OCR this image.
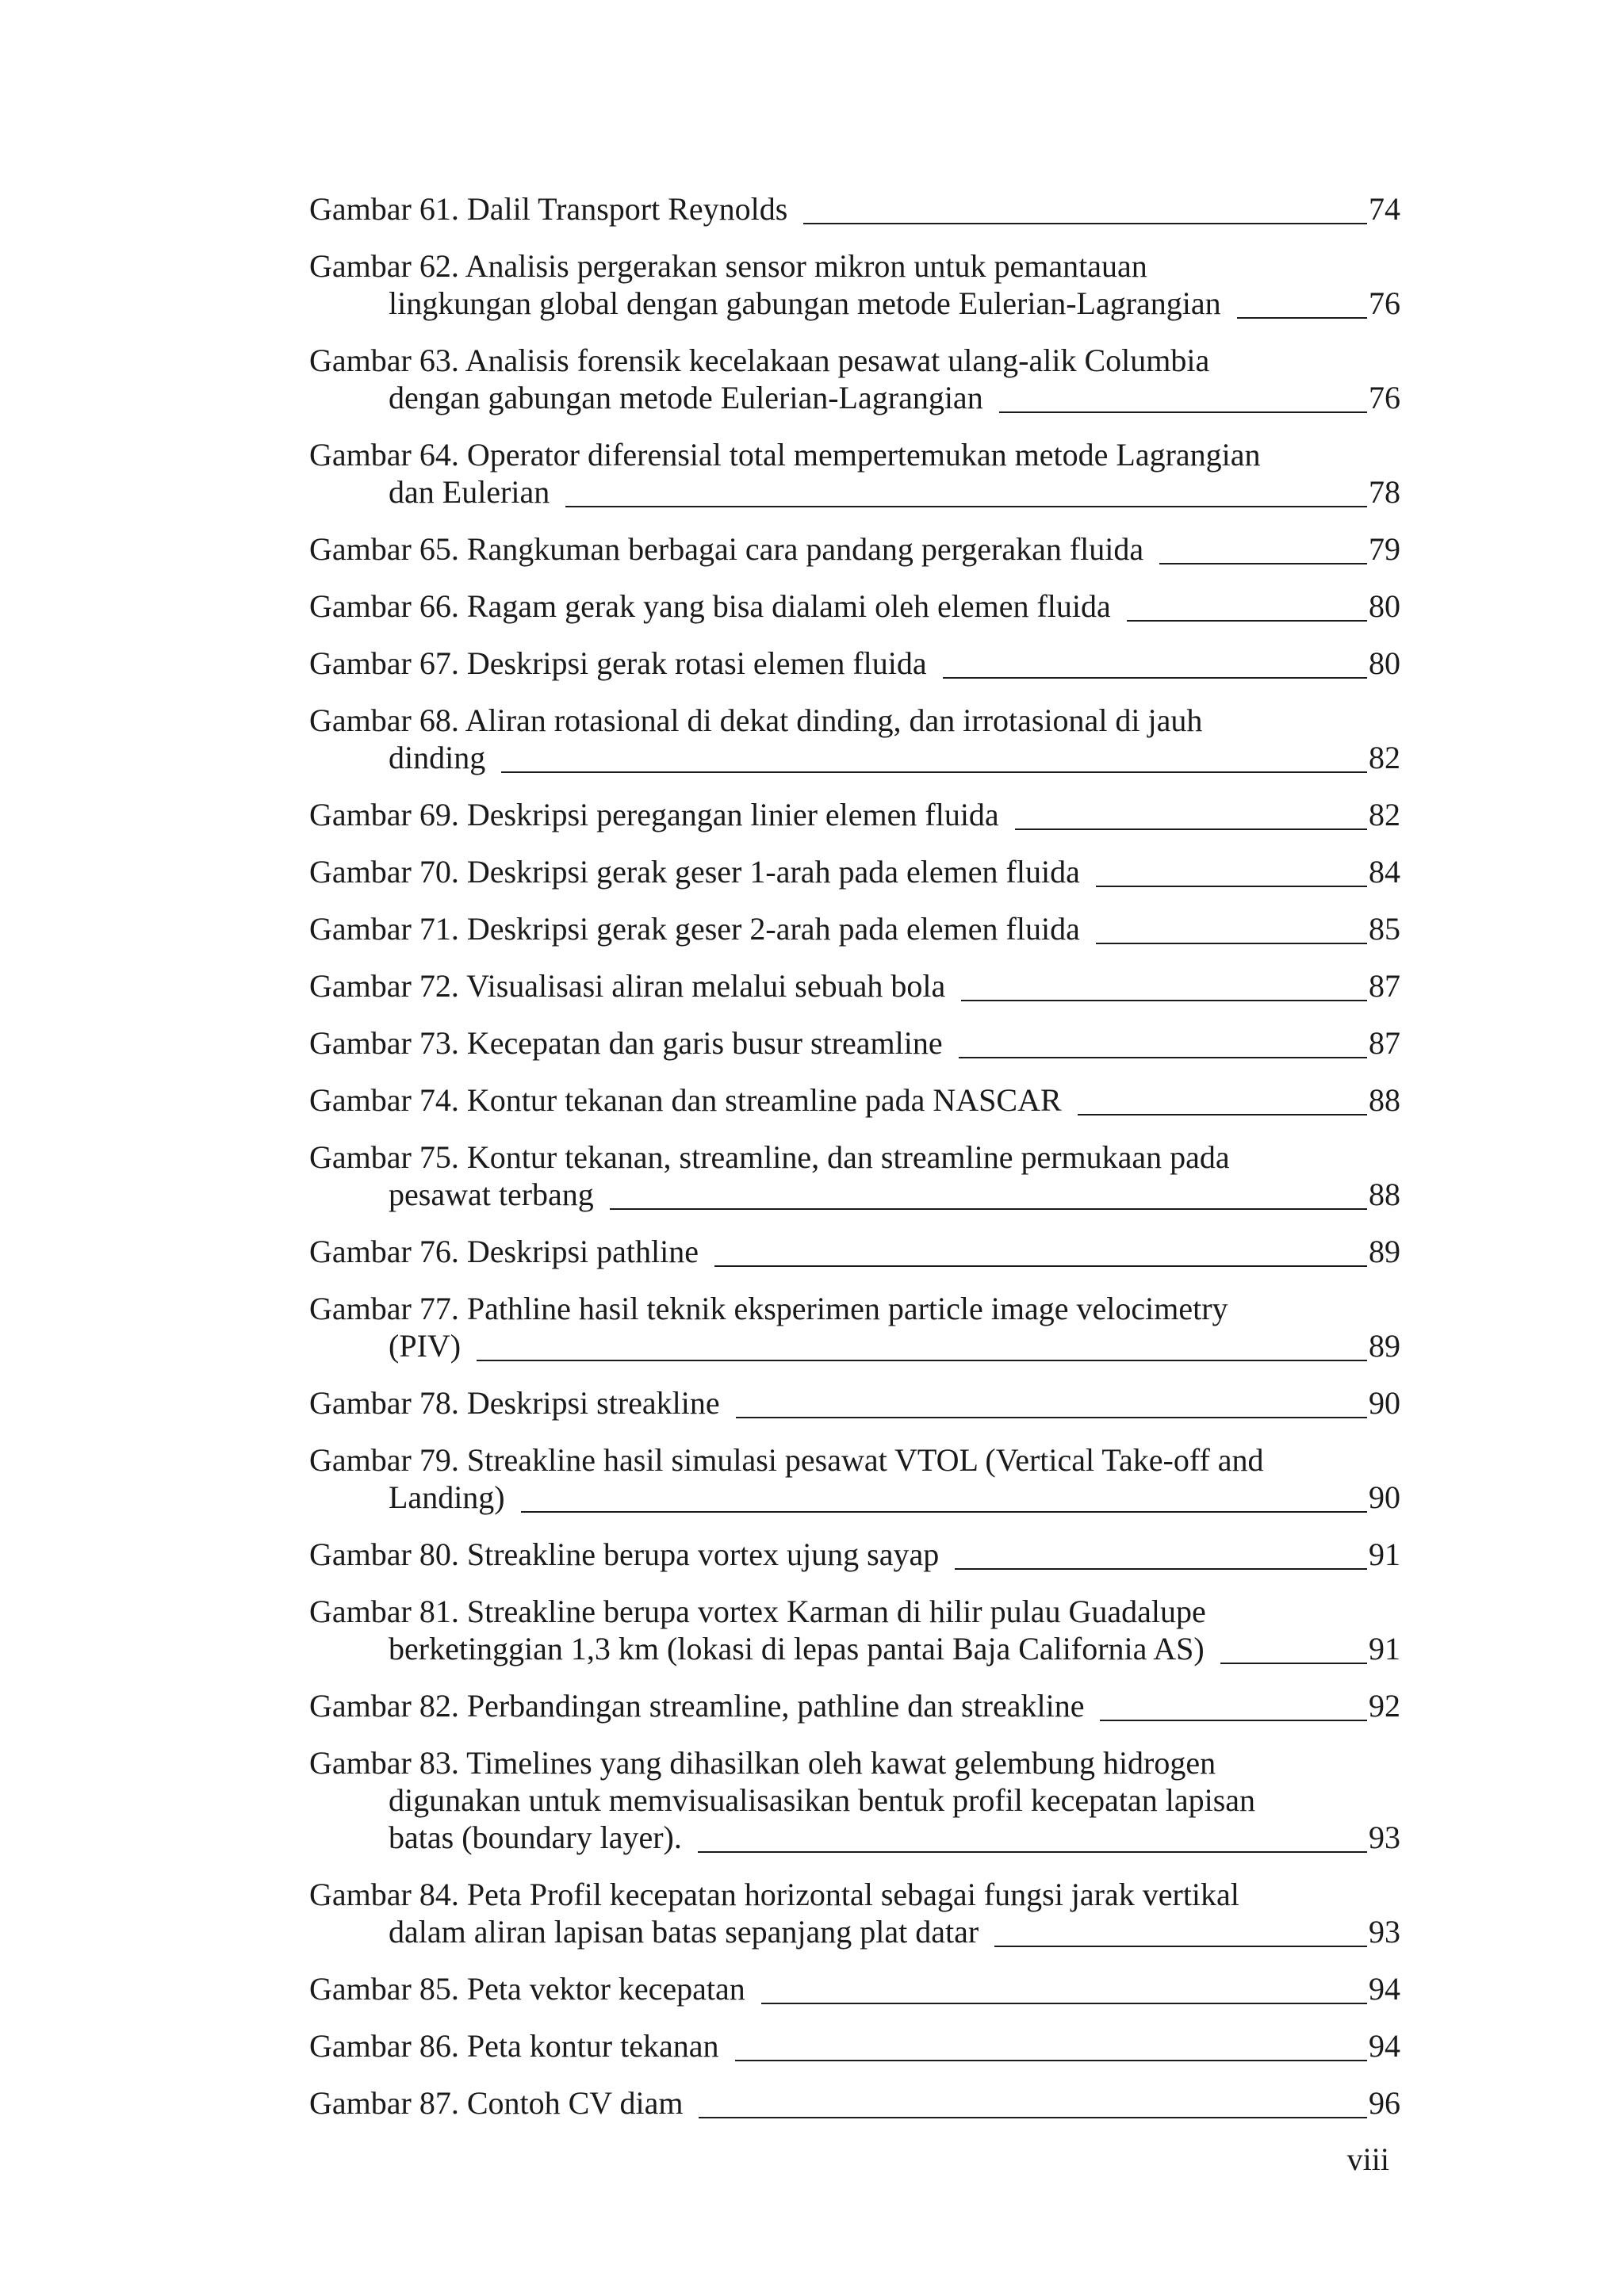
Gambar 61. Dalil Transport Reynolds	74
Gambar 62. Analisis pergerakan sensor mikron untuk pemantauan
lingkungan global dengan gabungan metode Eulerian-Lagrangian	76
Gambar 63. Analisis forensik kecelakaan pesawat ulang-alik Columbia
dengan gabungan metode Eulerian-Lagrangian	76
Gambar 64. Operator diferensial total mempertemukan metode Lagrangian
dan Eulerian	78
Gambar 65. Rangkuman berbagai cara pandang pergerakan fluida	79
Gambar 66. Ragam gerak yang bisa dialami oleh elemen fluida	80
Gambar 67. Deskripsi gerak rotasi elemen fluida	80
Gambar 68. Aliran rotasional di dekat dinding, dan irrotasional di jauh
dinding	82
Gambar 69. Deskripsi peregangan linier elemen fluida	82
Gambar 70. Deskripsi gerak geser 1-arah pada elemen fluida	84
Gambar 71. Deskripsi gerak geser 2-arah pada elemen fluida	85
Gambar 72. Visualisasi aliran melalui sebuah bola	87
Gambar 73. Kecepatan dan garis busur streamline	87
Gambar 74. Kontur tekanan dan streamline pada NASCAR	88
Gambar 75. Kontur tekanan, streamline, dan streamline permukaan pada
pesawat terbang	88
Gambar 76. Deskripsi pathline	89
Gambar 77. Pathline hasil teknik eksperimen particle image velocimetry
(PIV)	89
Gambar 78. Deskripsi streakline	90
Gambar 79. Streakline hasil simulasi pesawat VTOL (Vertical Take-off and
Landing)	90
Gambar 80. Streakline berupa vortex ujung sayap	91
Gambar 81. Streakline berupa vortex Karman di hilir pulau Guadalupe
berketinggian 1,3 km (lokasi di lepas pantai Baja California AS)	91
Gambar 82. Perbandingan streamline, pathline dan streakline	92
Gambar 83. Timelines yang dihasilkan oleh kawat gelembung hidrogen
digunakan untuk memvisualisasikan bentuk profil kecepatan lapisan
batas (boundary layer).	93
Gambar 84. Peta Profil kecepatan horizontal sebagai fungsi jarak vertikal
dalam aliran lapisan batas sepanjang plat datar	93
Gambar 85. Peta vektor kecepatan	94
Gambar 86. Peta kontur tekanan	94
Gambar 87. Contoh CV diam	96
viii
